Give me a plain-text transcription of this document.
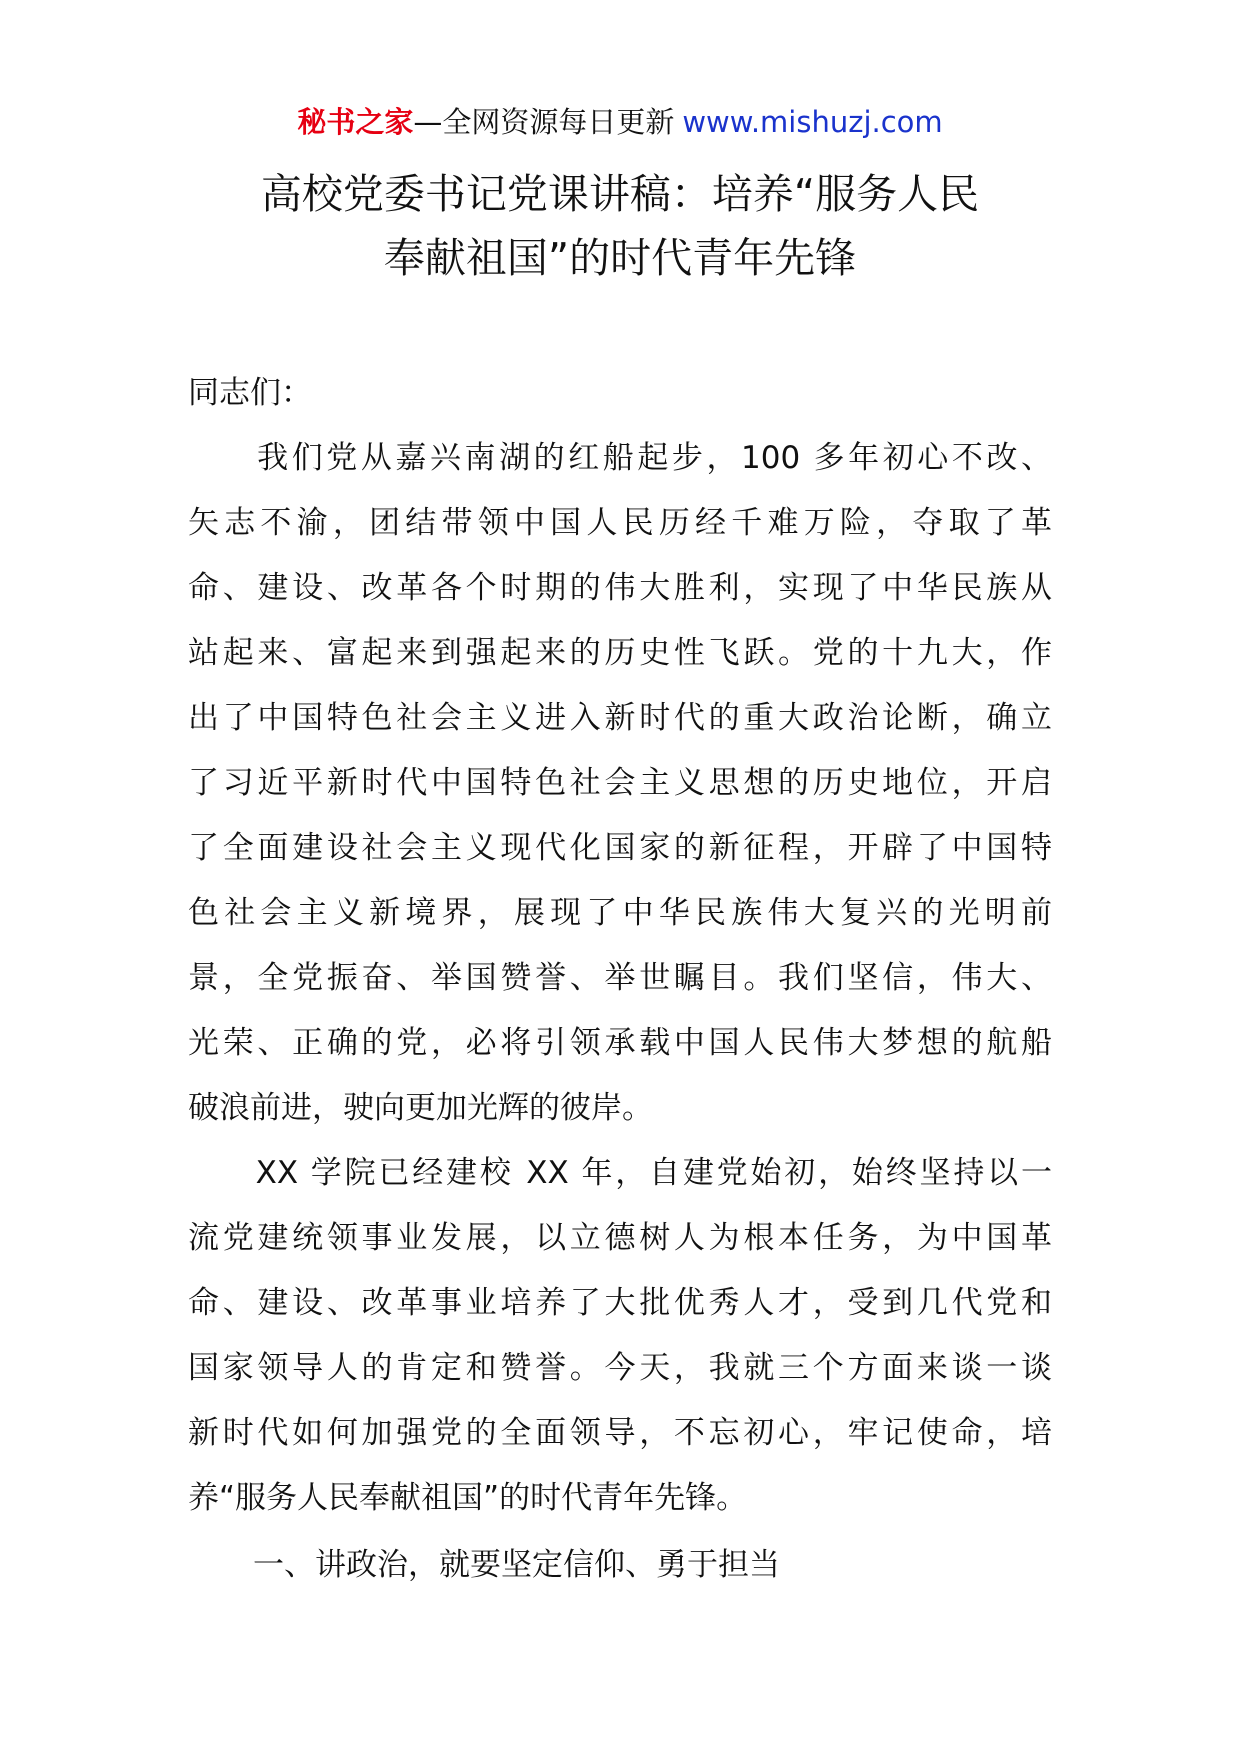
秘书之家—全网资源每日更新 www.mishuzj.com
高校党委书记党课讲稿：培养“服务人民
奉献祖国”的时代青年先锋
同志们：
　　我们党从嘉兴南湖的红船起步，100 多年初心不改、
矢志不渝，团结带领中国人民历经千难万险，夺取了革
命、建设、改革各个时期的伟大胜利，实现了中华民族从
站起来、富起来到强起来的历史性飞跃。党的十九大，作
出了中国特色社会主义进入新时代的重大政治论断，确立
了习近平新时代中国特色社会主义思想的历史地位，开启
了全面建设社会主义现代化国家的新征程，开辟了中国特
色社会主义新境界，展现了中华民族伟大复兴的光明前
景，全党振奋、举国赞誉、举世瞩目。我们坚信，伟大、
光荣、正确的党，必将引领承载中国人民伟大梦想的航船
破浪前进，驶向更加光辉的彼岸。
　　XX 学院已经建校 XX 年，自建党始初，始终坚持以一
流党建统领事业发展，以立德树人为根本任务，为中国革
命、建设、改革事业培养了大批优秀人才，受到几代党和
国家领导人的肯定和赞誉。今天，我就三个方面来谈一谈
新时代如何加强党的全面领导，不忘初心，牢记使命，培
养“服务人民奉献祖国”的时代青年先锋。
一、讲政治，就要坚定信仰、勇于担当
